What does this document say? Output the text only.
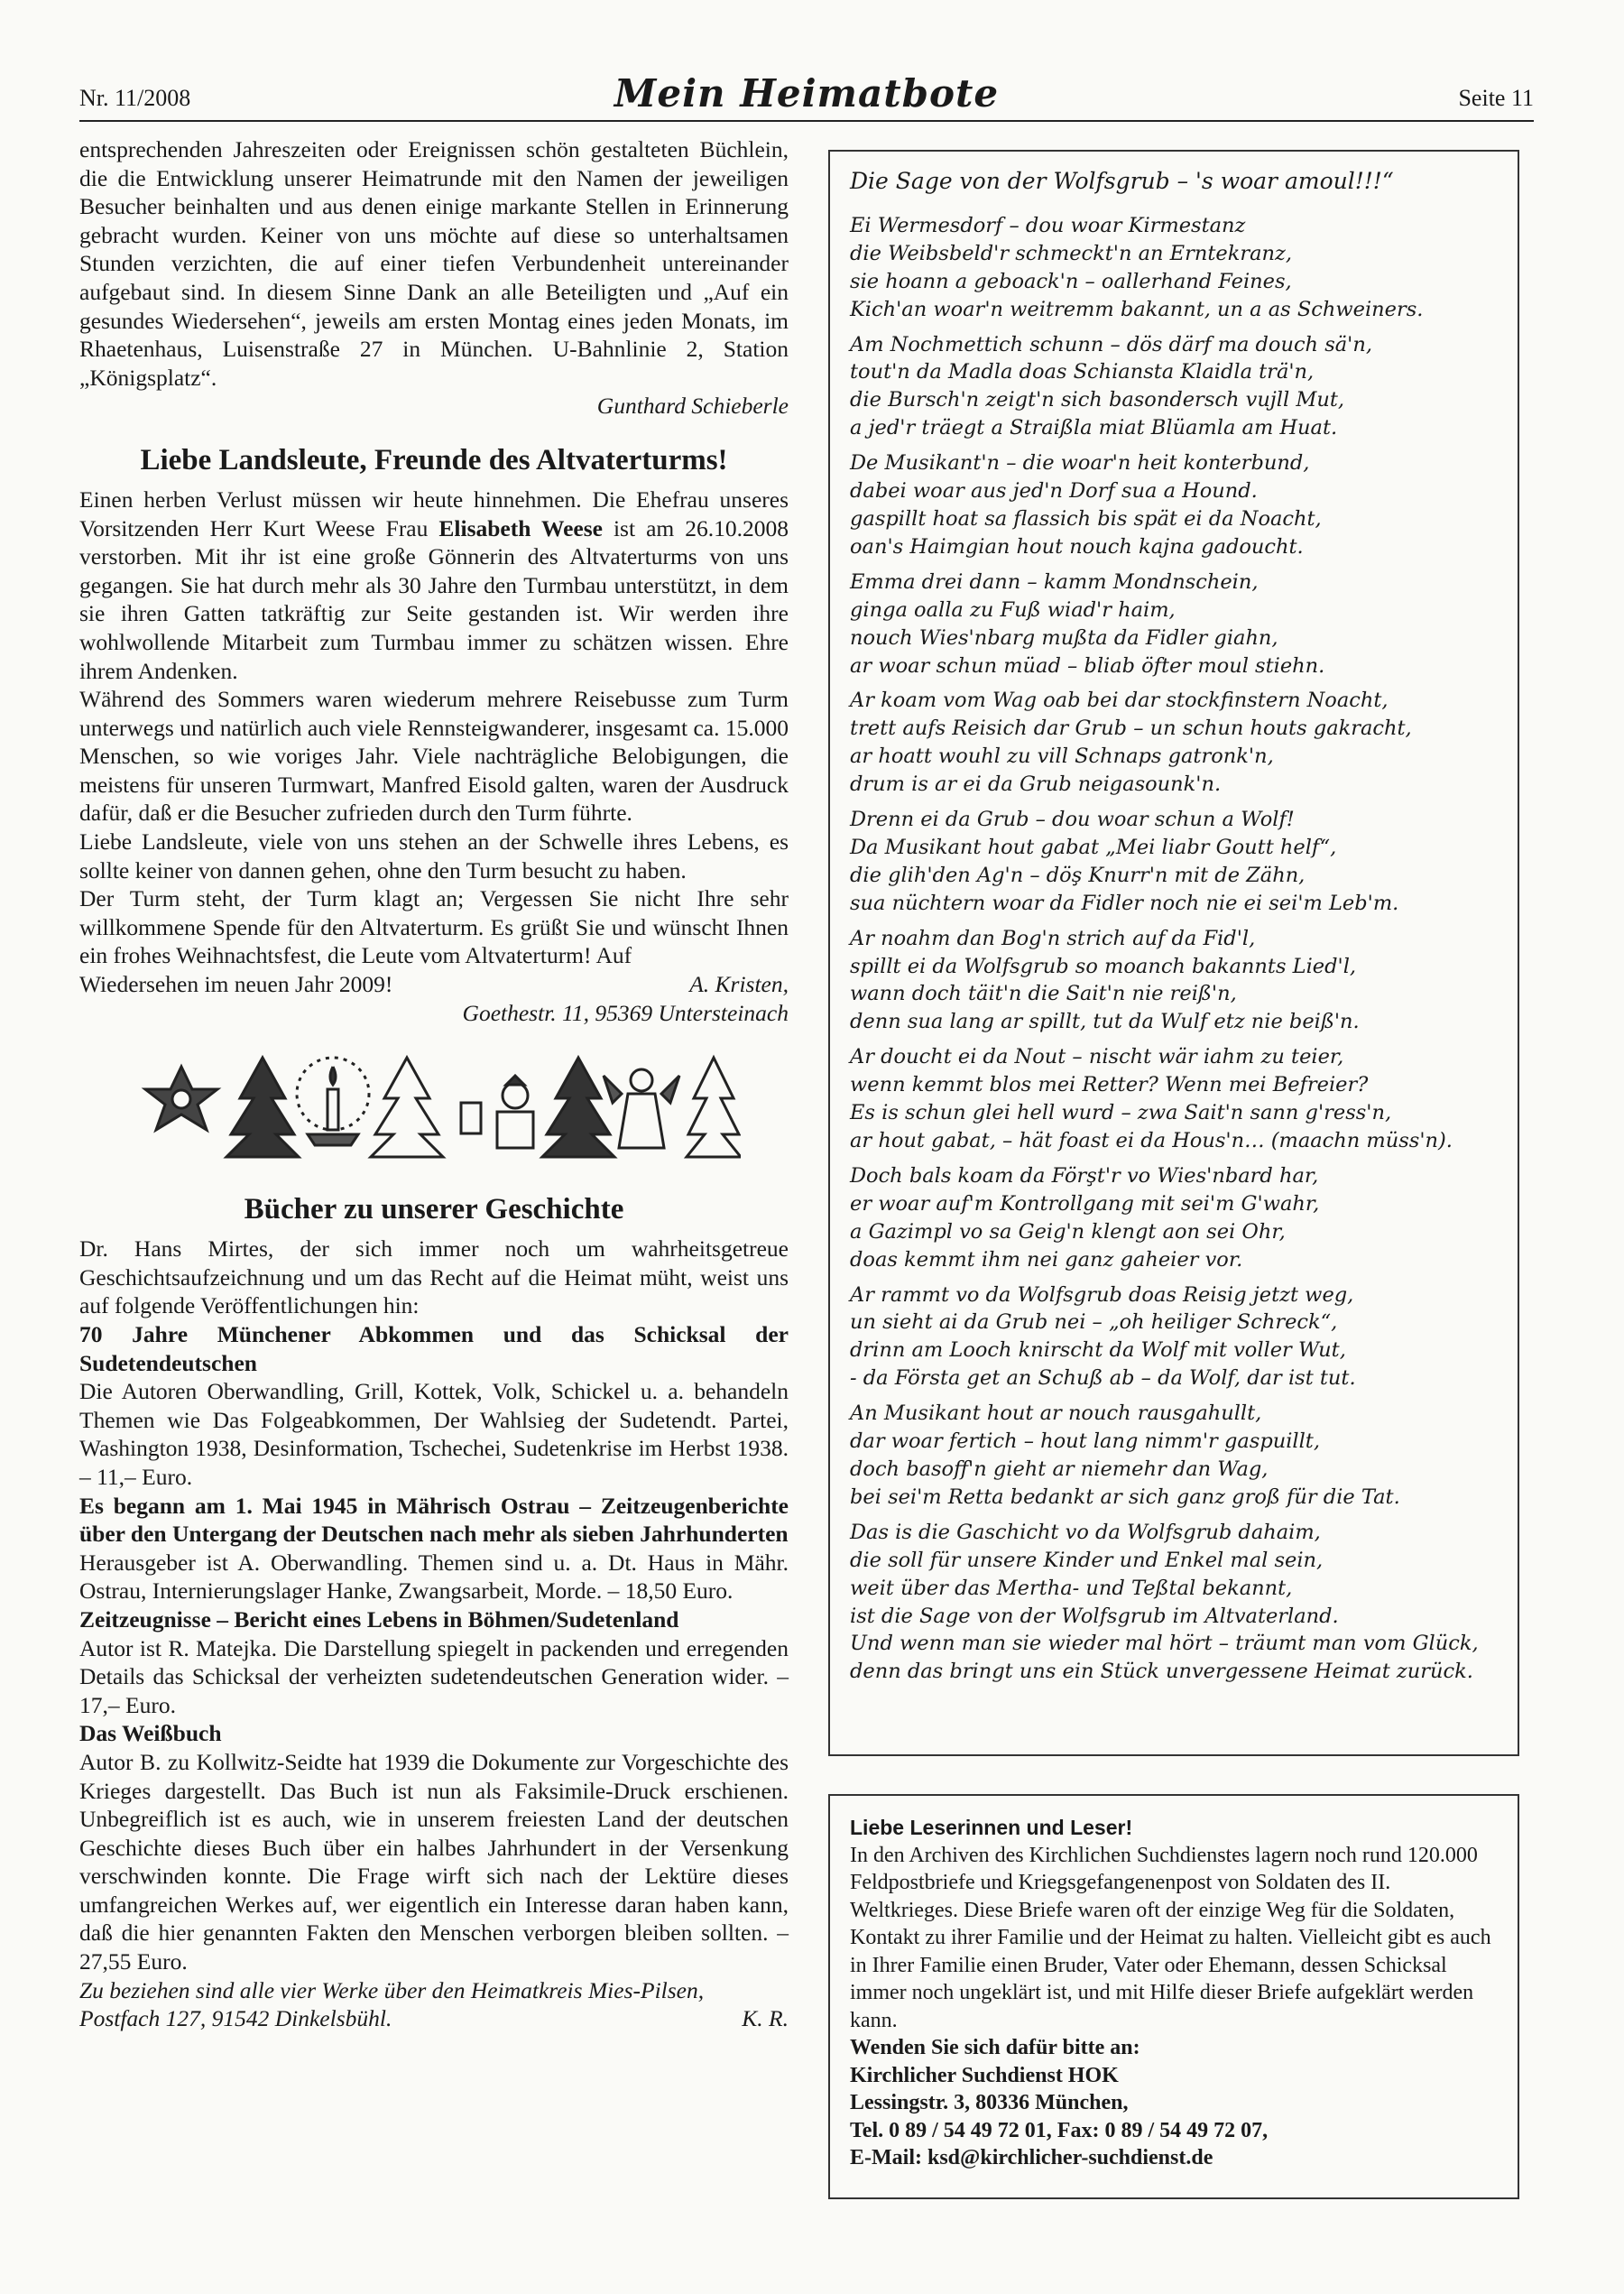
Nr. 11/2008	Mein Heimatbote	Seite 11

entsprechenden Jahreszeiten oder Ereignissen schön gestalteten Büchlein, die die Entwicklung unserer Heimatrunde mit den Namen der jeweiligen Besucher beinhalten und aus denen einige markante Stellen in Erinnerung gebracht wurden. Keiner von uns möchte auf diese so unterhaltsamen Stunden verzichten, die auf einer tiefen Verbundenheit untereinander aufgebaut sind. In diesem Sinne Dank an alle Beteiligten und „Auf ein gesundes Wiedersehen“, jeweils am ersten Montag eines jeden Monats, im Rhaetenhaus, Luisenstraße 27 in München. U-Bahnlinie 2, Station „Königsplatz“.

Gunthard Schieberle

Liebe Landsleute, Freunde des Altvaterturms!

Einen herben Verlust müssen wir heute hinnehmen. Die Ehefrau unseres Vorsitzenden Herr Kurt Weese Frau Elisabeth Weese ist am 26.10.2008 verstorben. Mit ihr ist eine große Gönnerin des Altvaterturms von uns gegangen. Sie hat durch mehr als 30 Jahre den Turmbau unterstützt, in dem sie ihren Gatten tatkräftig zur Seite gestanden ist. Wir werden ihre wohlwollende Mitarbeit zum Turmbau immer zu schätzen wissen. Ehre ihrem Andenken.

Während des Sommers waren wiederum mehrere Reisebusse zum Turm unterwegs und natürlich auch viele Rennsteigwanderer, insgesamt ca. 15.000 Menschen, so wie voriges Jahr. Viele nachträgliche Belobigungen, die meistens für unseren Turmwart, Manfred Eisold galten, waren der Ausdruck dafür, daß er die Besucher zufrieden durch den Turm führte.

Liebe Landsleute, viele von uns stehen an der Schwelle ihres Lebens, es sollte keiner von dannen gehen, ohne den Turm besucht zu haben.

Der Turm steht, der Turm klagt an; Vergessen Sie nicht Ihre sehr willkommene Spende für den Altvaterturm. Es grüßt Sie und wünscht Ihnen ein frohes Weihnachtsfest, die Leute vom Altvaterturm! Auf

Wiedersehen im neuen Jahr 2009!	A. Kristen,

Goethestr. 11, 95369 Untersteinach

Bücher zu unserer Geschichte

Dr. Hans Mirtes, der sich immer noch um wahrheitsgetreue Geschichtsaufzeichnung und um das Recht auf die Heimat müht, weist uns auf folgende Veröffentlichungen hin:

70 Jahre Münchener Abkommen und das Schicksal der Sudetendeutschen

Die Autoren Oberwandling, Grill, Kottek, Volk, Schickel u. a. behandeln Themen wie Das Folgeabkommen, Der Wahlsieg der Sudetendt. Partei, Washington 1938, Desinformation, Tschechei, Sudetenkrise im Herbst 1938. – 11,– Euro.

Es begann am 1. Mai 1945 in Mährisch Ostrau – Zeitzeugenberichte über den Untergang der Deutschen nach mehr als sieben Jahrhunderten

Herausgeber ist A. Oberwandling. Themen sind u. a. Dt. Haus in Mähr. Ostrau, Internierungslager Hanke, Zwangsarbeit, Morde. – 18,50 Euro.

Zeitzeugnisse – Bericht eines Lebens in Böhmen/Sudetenland

Autor ist R. Matejka. Die Darstellung spiegelt in packenden und erregenden Details das Schicksal der verheizten sudetendeutschen Generation wider. – 17,– Euro.

Das Weißbuch

Autor B. zu Kollwitz-Seidte hat 1939 die Dokumente zur Vorgeschichte des Krieges dargestellt. Das Buch ist nun als Faksimile-Druck erschienen. Unbegreiflich ist es auch, wie in unserem freiesten Land der deutschen Geschichte dieses Buch über ein halbes Jahrhundert in der Versenkung verschwinden konnte. Die Frage wirft sich nach der Lektüre dieses umfangreichen Werkes auf, wer eigentlich ein Interesse daran haben kann, daß die hier genannten Fakten den Menschen verborgen bleiben sollten. – 27,55 Euro.

Zu beziehen sind alle vier Werke über den Heimatkreis Mies-Pilsen,

Postfach 127, 91542 Dinkelsbühl.	K. R.
Die Sage von der Wolfsgrub – 's woar amoul!!!“
Ei Wermesdorf – dou woar Kirmestanz
die Weibsbeld'r schmeckt'n an Erntekranz,
sie hoann a geboack'n – oallerhand Feines,
Kich'an woar'n weitremm bakannt, un a as Schweiners.
Am Nochmettich schunn – dös därf ma douch sä'n,
tout'n da Madla doas Schiansta Klaidla trä'n,
die Bursch'n zeigt'n sich basondersch vujll Mut,
a jed'r träegt a Straißla miat Blüamla am Huat.
De Musikant'n – die woar'n heit konterbund,
dabei woar aus jed'n Dorf sua a Hound.
gaspillt hoat sa flassich bis spät ei da Noacht,
oan's Haimgian hout nouch kajna gadoucht.
Emma drei dann – kamm Mondnschein,
ginga oalla zu Fuß wiad'r haim,
nouch Wies'nbarg mußta da Fidler giahn,
ar woar schun müad – bliab öfter moul stiehn.
Ar koam vom Wag oab bei dar stockfinstern Noacht,
trett aufs Reisich dar Grub – un schun houts gakracht,
ar hoatt wouhl zu vill Schnaps gatronk'n,
drum is ar ei da Grub neigasounk'n.
Drenn ei da Grub – dou woar schun a Wolf!
Da Musikant hout gabat „Mei liabr Goutt helf“,
die glih'den Ag'n – döş Knurr'n mit de Zähn,
sua nüchtern woar da Fidler noch nie ei sei'm Leb'm.
Ar noahm dan Bog'n strich auf da Fid'l,
spillt ei da Wolfsgrub so moanch bakannts Lied'l,
wann doch täit'n die Sait'n nie reiß'n,
denn sua lang ar spillt, tut da Wulf etz nie beiß'n.
Ar doucht ei da Nout – nischt wär iahm zu teier,
wenn kemmt blos mei Retter? Wenn mei Befreier?
Es is schun glei hell wurd – zwa Sait'n sann g'ress'n,
ar hout gabat, – hät foast ei da Hous'n… (maachn müss'n).
Doch bals koam da Förşt'r vo Wies'nbard har,
er woar auf'm Kontrollgang mit sei'm G'wahr,
a Gazimpl vo sa Geig'n klengt aon sei Ohr,
doas kemmt ihm nei ganz gaheier vor.
Ar rammt vo da Wolfsgrub doas Reisig jetzt weg,
un sieht ai da Grub nei – „oh heiliger Schreck“,
drinn am Looch knirscht da Wolf mit voller Wut,
- da Första get an Schuß ab – da Wolf, dar ist tut.
An Musikant hout ar nouch rausgahullt,
dar woar fertich – hout lang nimm'r gaspuillt,
doch basoff'n gieht ar niemehr dan Wag,
bei sei'm Retta bedankt ar sich ganz groß für die Tat.
Das is die Gaschicht vo da Wolfsgrub dahaim,
die soll für unsere Kinder und Enkel mal sein,
weit über das Mertha- und Teßtal bekannt,
ist die Sage von der Wolfsgrub im Altvaterland.
Und wenn man sie wieder mal hört – träumt man vom Glück,
denn das bringt uns ein Stück unvergessene Heimat zurück.
Liebe Leserinnen und Leser!
In den Archiven des Kirchlichen Suchdienstes lagern noch rund 120.000 Feldpostbriefe und Kriegsgefangenenpost von Soldaten des II. Weltkrieges. Diese Briefe waren oft der einzige Weg für die Soldaten, Kontakt zu ihrer Familie und der Heimat zu halten. Vielleicht gibt es auch in Ihrer Familie einen Bruder, Vater oder Ehemann, dessen Schicksal immer noch ungeklärt ist, und mit Hilfe dieser Briefe aufgeklärt werden kann.
Wenden Sie sich dafür bitte an:
Kirchlicher Suchdienst HOK
Lessingstr. 3, 80336 München,
Tel. 0 89 / 54 49 72 01, Fax: 0 89 / 54 49 72 07,
E-Mail: ksd@kirchlicher-suchdienst.de
